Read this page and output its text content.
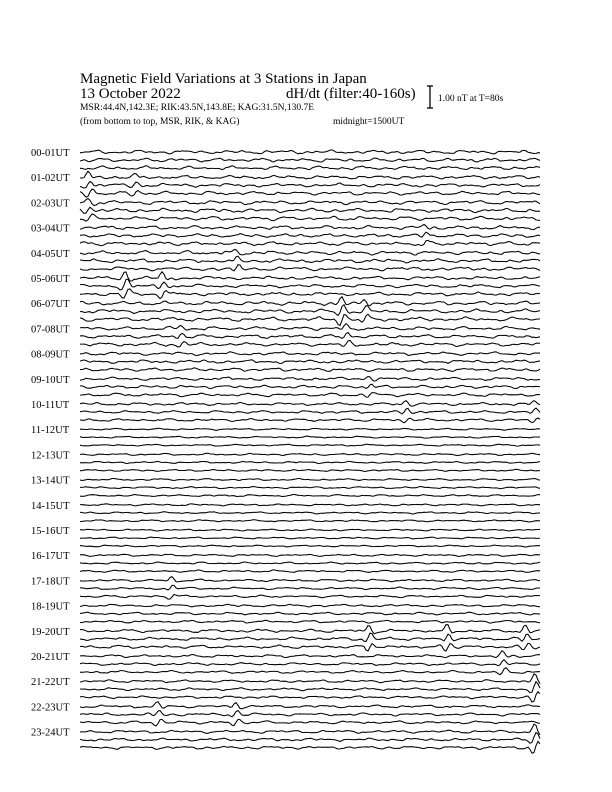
Magnetic Field Variations at 3 Stations in Japan
13 October 2022	dH/dt (filter:40-160s)
MSR:44.4N,142.3E; RIK:43.5N,143.8E; KAG:31.5N,130.7E
(from bottom to top, MSR, RIK, & KAG)	midnight=1500UT
1.00 nT at T=80s
00-01UT
01-02UT
02-03UT
03-04UT
04-05UT
05-06UT
06-07UT
07-08UT
08-09UT
09-10UT
10-11UT
11-12UT
12-13UT
13-14UT
14-15UT
15-16UT
16-17UT
17-18UT
18-19UT
19-20UT
20-21UT
21-22UT
22-23UT
23-24UT
